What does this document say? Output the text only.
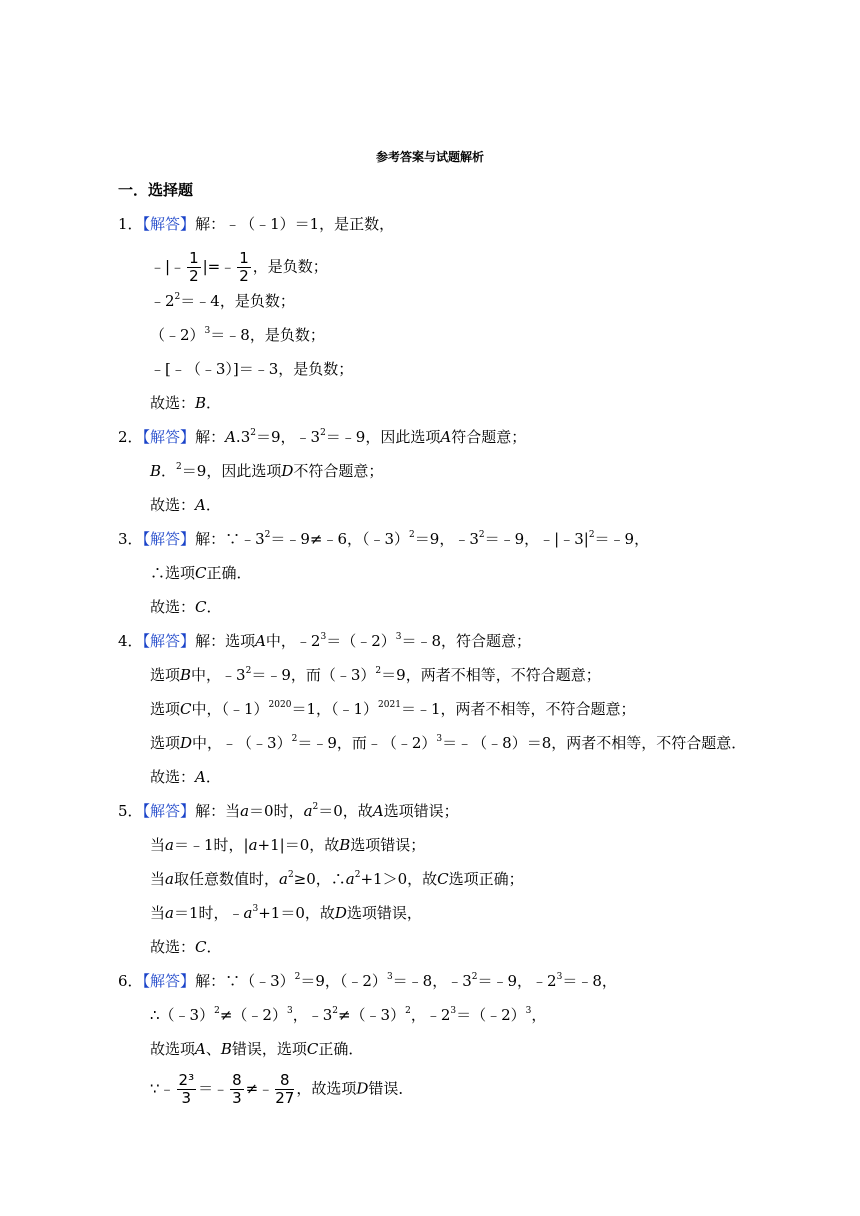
参考答案与试题解析
一．选择题
1．【解答】解：﹣（﹣1）＝1，是正数，
﹣|﹣ $\frac{1}{2}$ |=﹣ $\frac{1}{2}$ ，是负数；
$﹣2^2=﹣4$，是负数；
（﹣2）$^3$＝﹣8，是负数；
﹣[﹣（﹣3）]＝﹣3，是负数；
故选：B．
2．【解答】解：$A.3^2=9$，$﹣3^2=﹣9$，因此选项A符合题意；
B．$^2$＝9，因此选项D不符合题意；
故选：A．
3．【解答】解：$\because﹣3^2=﹣9\ne﹣6$，（﹣3）$^2$＝9，$﹣3^2=﹣9$，$﹣|﹣3|^2=﹣9$，
∴选项C正确．
故选：C．
4．【解答】解：选项A中，$﹣2^3=(﹣2)^3=﹣8$，符合题意；
选项B中，$﹣3^2=﹣9$，而（﹣3）$^2$＝9，两者不相等，不符合题意；
选项C中，（﹣1）$^{2020}$＝1，（﹣1）$^{2021}$＝﹣1，两者不相等，不符合题意；
选项D中，﹣（﹣3）$^2$＝﹣9，而﹣（﹣2）$^3$＝﹣（﹣8）＝8，两者不相等，不符合题意．
故选：A．
5．【解答】解：当a＝0时，$a^2=0$，故A选项错误；
当a＝﹣1时，|a+1|＝0，故B选项错误；
当a取任意数值时，$a^2\ge 0$，$\therefore a^2+1>0$，故C选项正确；
当a＝1时，$﹣a^3+1=0$，故D选项错误，
故选：C．
6．【解答】解：∵（﹣3）$^2$＝9，（﹣2）$^3$＝﹣8，$﹣3^2=﹣9$，$﹣2^3=﹣8$，
∴（﹣3）$^2$≠（﹣2）$^3$，$﹣3^2\ne(﹣3)^2$，$﹣2^3=(﹣2)^3$，
故选项A、B错误，选项C正确．
∵﹣ $\frac{\text{2³}}{3}$ ＝﹣ $\frac{8}{3}$ ≠﹣ $\frac{8}{27}$ ，故选项D错误．
